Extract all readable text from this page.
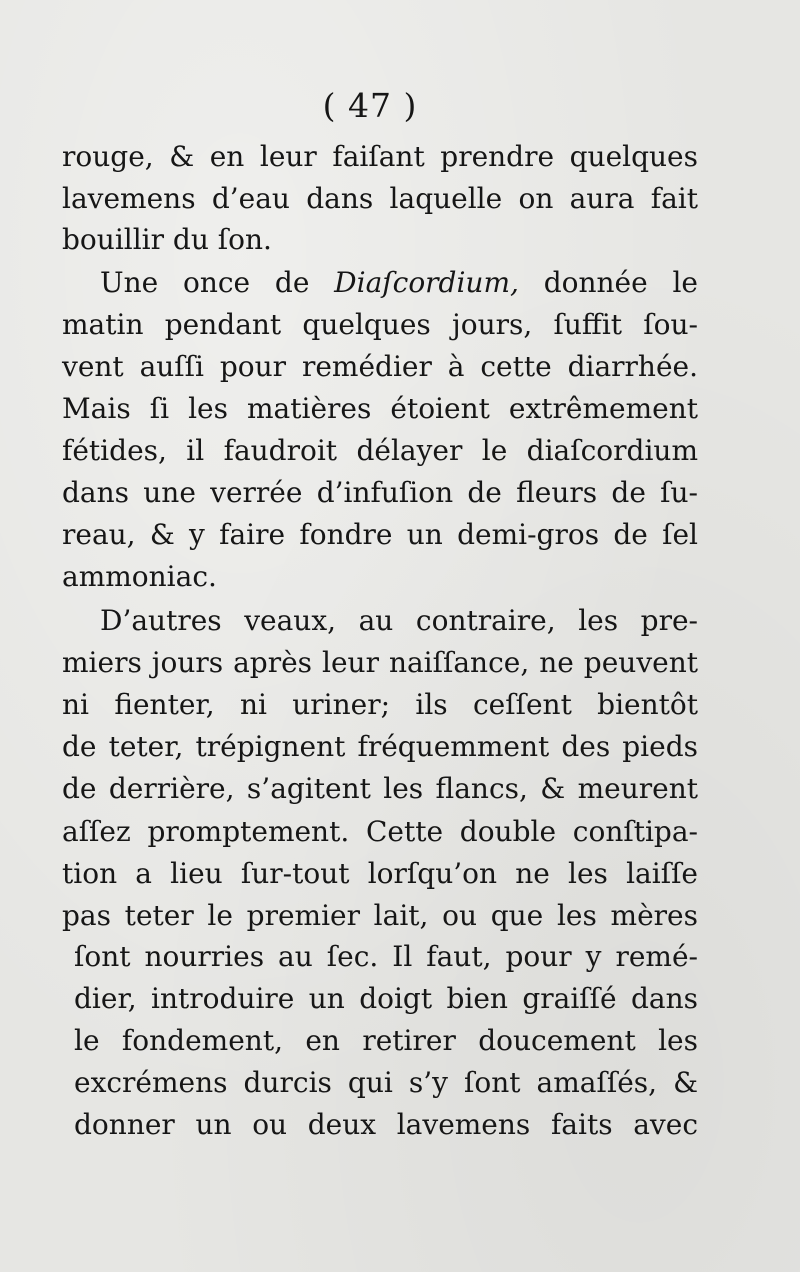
( 47 )
rouge, & en leur faiſant prendre quelques
lavemens d’eau dans laquelle on aura fait
bouillir du ſon.
Une once de Diaſcordium, donnée le
matin pendant quelques jours, ſuffit ſou-
vent auſſi pour remédier à cette diarrhée.
Mais ſi les matières étoient extrêmement
fétides, il faudroit délayer le diaſcordium
dans une verrée d’infuſion de fleurs de ſu-
reau, & y faire fondre un demi-gros de ſel
ammoniac.
D’autres veaux, au contraire, les pre-
miers jours après leur naiſſance, ne peuvent
ni fienter, ni uriner; ils ceſſent bientôt
de teter, trépignent fréquemment des pieds
de derrière, s’agitent les flancs, & meurent
aſſez promptement. Cette double conſtipa-
tion a lieu ſur-tout lorſqu’on ne les laiſſe
pas teter le premier lait, ou que les mères
ſont nourries au ſec. Il faut, pour y remé-
dier, introduire un doigt bien graiſſé dans
le fondement, en retirer doucement les
excrémens durcis qui s’y ſont amaſſés, &
donner un ou deux lavemens faits avec
